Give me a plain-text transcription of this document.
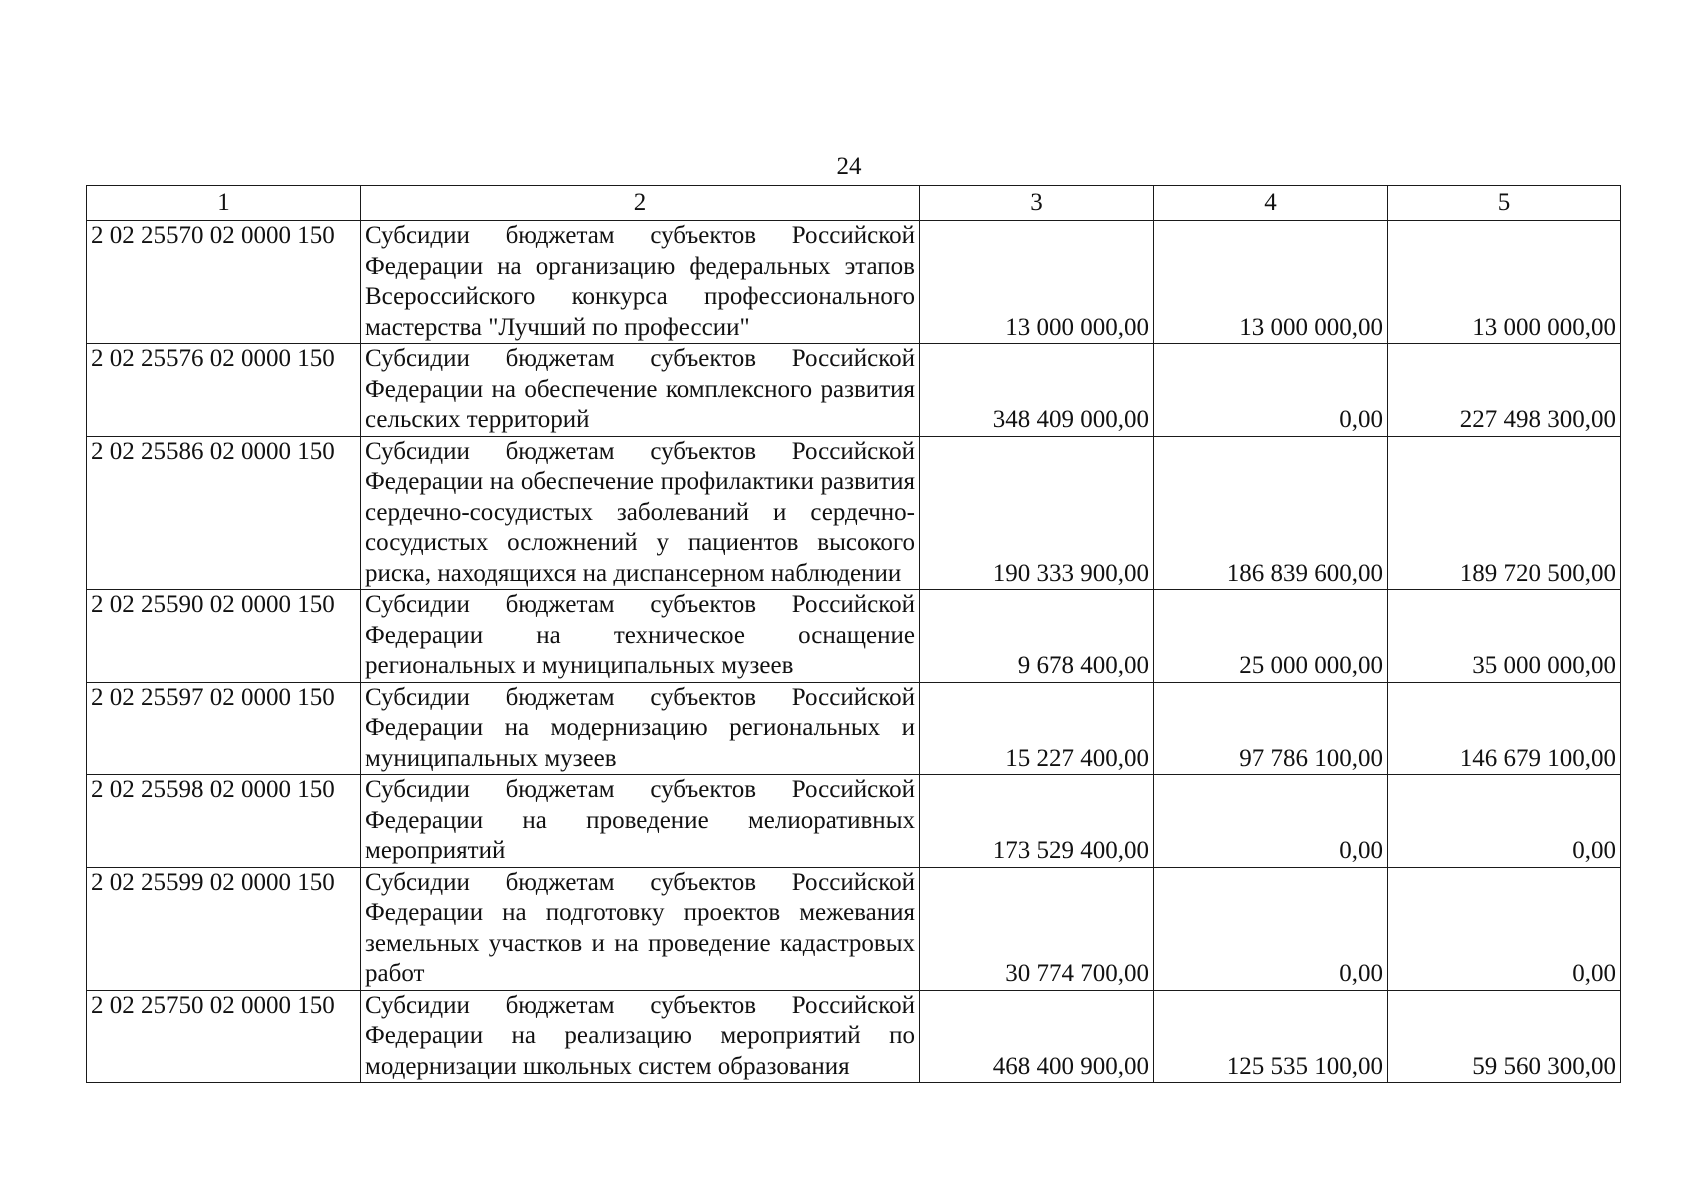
24
1	2	3	4	5
2 02 25570 02 0000 150	Субсидии бюджетам субъектов Российской Федерации на организацию федеральных этапов Всероссийского конкурса профессионального мастерства "Лучший по профессии"	13 000 000,00	13 000 000,00	13 000 000,00
2 02 25576 02 0000 150	Субсидии бюджетам субъектов Российской Федерации на обеспечение комплексного развития сельских территорий	348 409 000,00	0,00	227 498 300,00
2 02 25586 02 0000 150	Субсидии бюджетам субъектов Российской Федерации на обеспечение профилактики развития сердечно-сосудистых заболеваний и сердечно-сосудистых осложнений у пациентов высокого риска, находящихся на диспансерном наблюдении	190 333 900,00	186 839 600,00	189 720 500,00
2 02 25590 02 0000 150	Субсидии бюджетам субъектов Российской Федерации на техническое оснащение региональных и муниципальных музеев	9 678 400,00	25 000 000,00	35 000 000,00
2 02 25597 02 0000 150	Субсидии бюджетам субъектов Российской Федерации на модернизацию региональных и муниципальных музеев	15 227 400,00	97 786 100,00	146 679 100,00
2 02 25598 02 0000 150	Субсидии бюджетам субъектов Российской Федерации на проведение мелиоративных мероприятий	173 529 400,00	0,00	0,00
2 02 25599 02 0000 150	Субсидии бюджетам субъектов Российской Федерации на подготовку проектов межевания земельных участков и на проведение кадастровых работ	30 774 700,00	0,00	0,00
2 02 25750 02 0000 150	Субсидии бюджетам субъектов Российской Федерации на реализацию мероприятий по модернизации школьных систем образования	468 400 900,00	125 535 100,00	59 560 300,00
